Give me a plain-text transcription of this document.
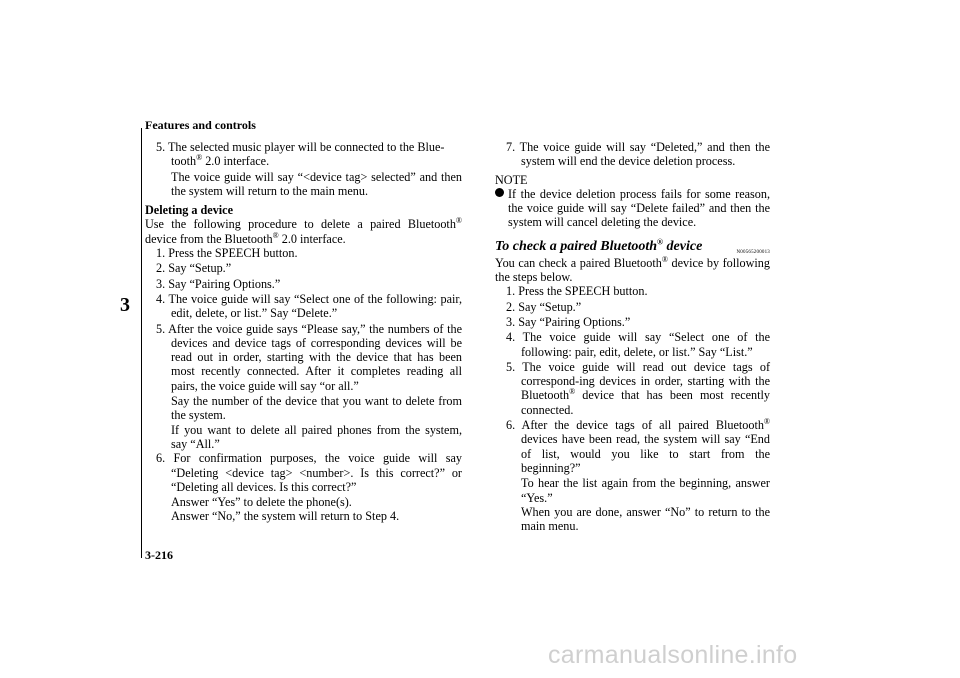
Features and controls
3

5. The selected music player will be connected to the Blue-
tooth® 2.0 interface.

The voice guide will say “<device tag> selected” and then the system will return to the main menu.

Deleting a device

Use the following procedure to delete a paired Bluetooth® device from the Bluetooth® 2.0 interface.

1. Press the SPEECH button.

2. Say “Setup.”

3. Say “Pairing Options.”

4. The voice guide will say “Select one of the following: pair, edit, delete, or list.” Say “Delete.”

5. After the voice guide says “Please say,” the numbers of the devices and device tags of corresponding devices will be read out in order, starting with the device that has been most recently connected. After it completes reading all pairs, the voice guide will say “or all.”

Say the number of the device that you want to delete from the system.

If you want to delete all paired phones from the system, say “All.”

6. For confirmation purposes, the voice guide will say “Deleting <device tag> <number>. Is this correct?” or “Deleting all devices. Is this correct?”

Answer “Yes” to delete the phone(s).

Answer “No,” the system will return to Step 4.

7. The voice guide will say “Deleted,” and then the system will end the device deletion process.

NOTE

If the device deletion process fails for some reason, the voice guide will say “Delete failed” and then the system will cancel deleting the device.

To check a paired Bluetooth® device	N00565200013

You can check a paired Bluetooth® device by following the steps below.

1. Press the SPEECH button.

2. Say “Setup.”

3. Say “Pairing Options.”

4. The voice guide will say “Select one of the following: pair, edit, delete, or list.” Say “List.”

5. The voice guide will read out device tags of correspond-ing devices in order, starting with the Bluetooth® device that has been most recently connected.

6. After the device tags of all paired Bluetooth® devices have been read, the system will say “End of list, would you like to start from the beginning?”

To hear the list again from the beginning, answer “Yes.”

When you are done, answer “No” to return to the main menu.

3-216
carmanualsonline.info
